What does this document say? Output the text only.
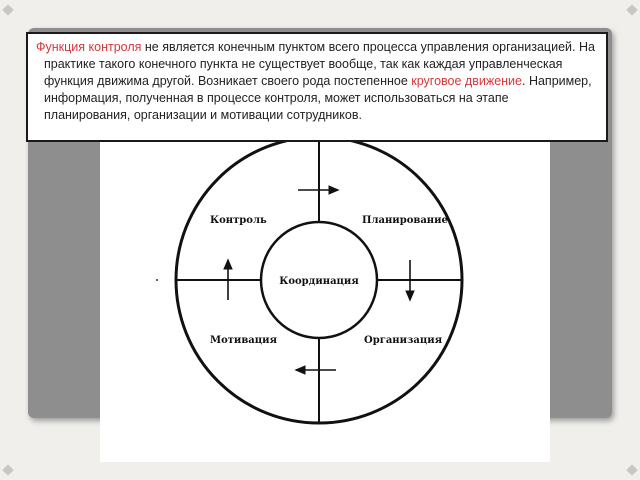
Контроль	Планирование
Мотивация	Организация
Координация

Функция контроля не является конечным пунктом всего процесса управления организацией. На практике такого конечного пункта не существует вообще, так как каждая управленческая функция движима другой. Возникает своего рода постепенное круговое движение. Например, информация, полученная в процессе контроля, может использоваться на этапе планирования, организации и мотивации сотрудников.
